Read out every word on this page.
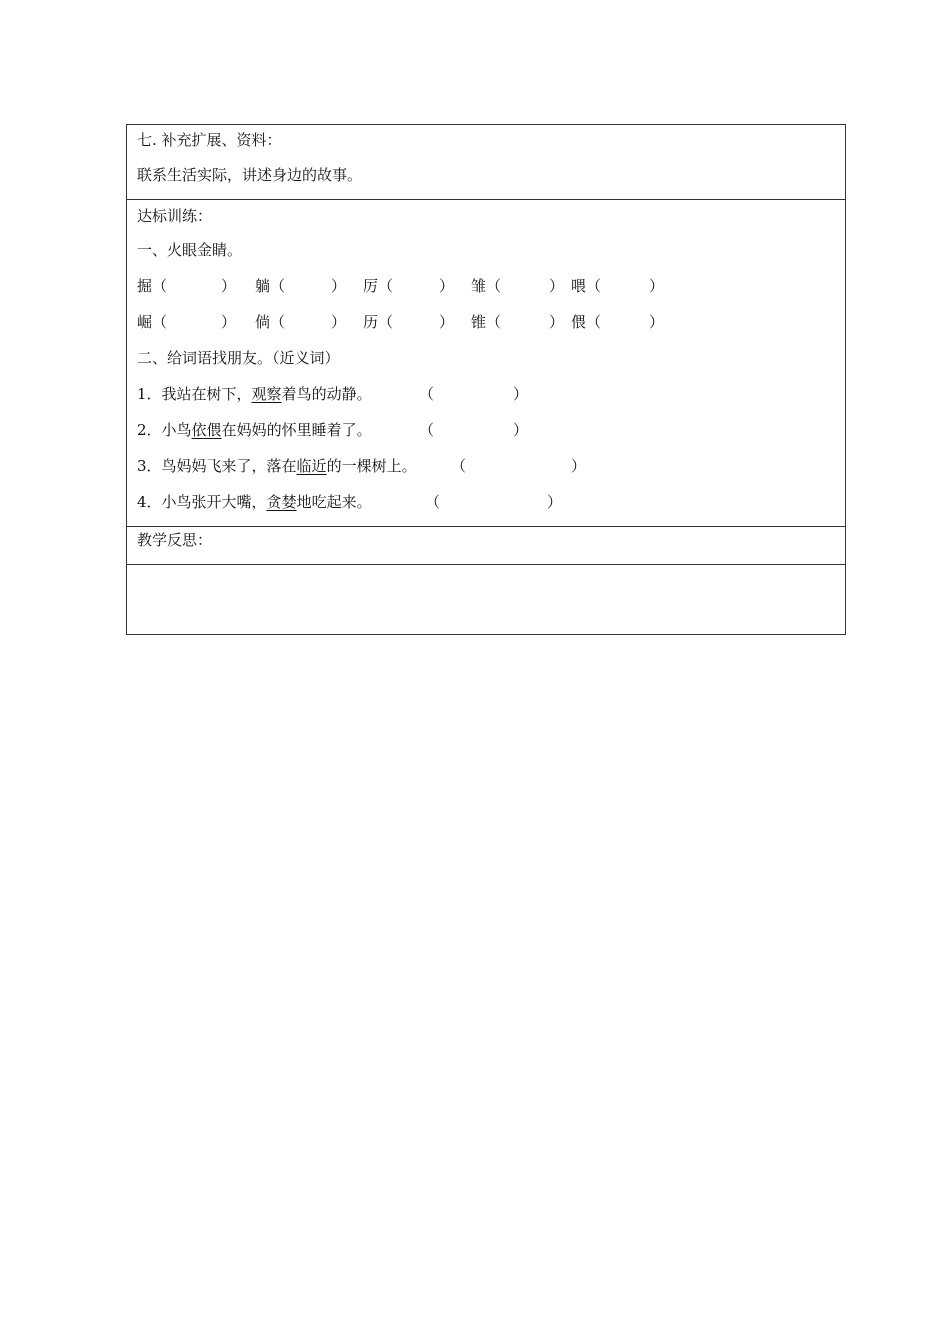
七. 补充扩展、资料：
联系生活实际，讲述身边的故事。
达标训练：
一、火眼金睛。
掘（	） 躺（	） 厉（	） 雏（	） 喂（	）
崛（	） 倘（	） 历（	） 锥（	） 偎（	）
二、给词语找朋友。（近义词）
1．我站在树下，观察着鸟的动静。	（	）
2．小鸟依偎在妈妈的怀里睡着了。	（	）
3．鸟妈妈飞来了，落在临近的一棵树上。 （	）
4．小鸟张开大嘴，贪婪地吃起来。	（	）
教学反思：
